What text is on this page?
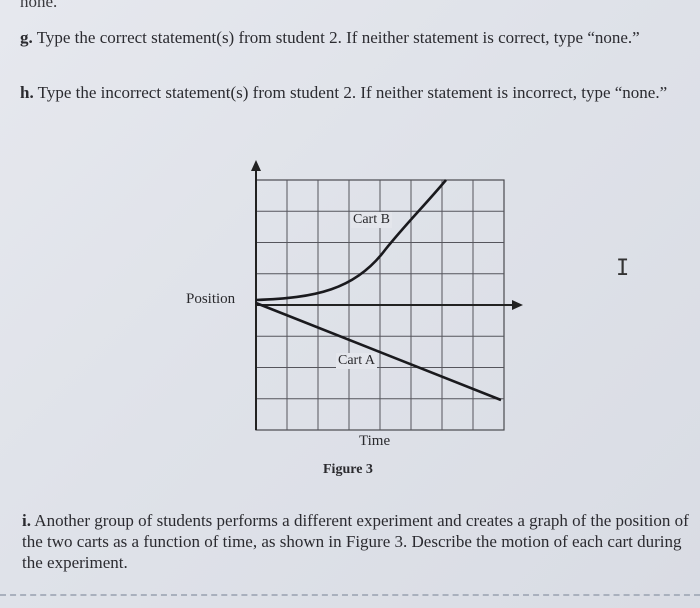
none.
g. Type the correct statement(s) from student 2. If neither statement is correct, type “none.”
h. Type the incorrect statement(s) from student 2. If neither statement is incorrect, type “none.”
Cart B
Cart A
Position
Time
Figure 3
I
i. Another group of students performs a different experiment and creates a graph of the position of the two carts as a function of time, as shown in Figure 3. Describe the motion of each cart during the experiment.
